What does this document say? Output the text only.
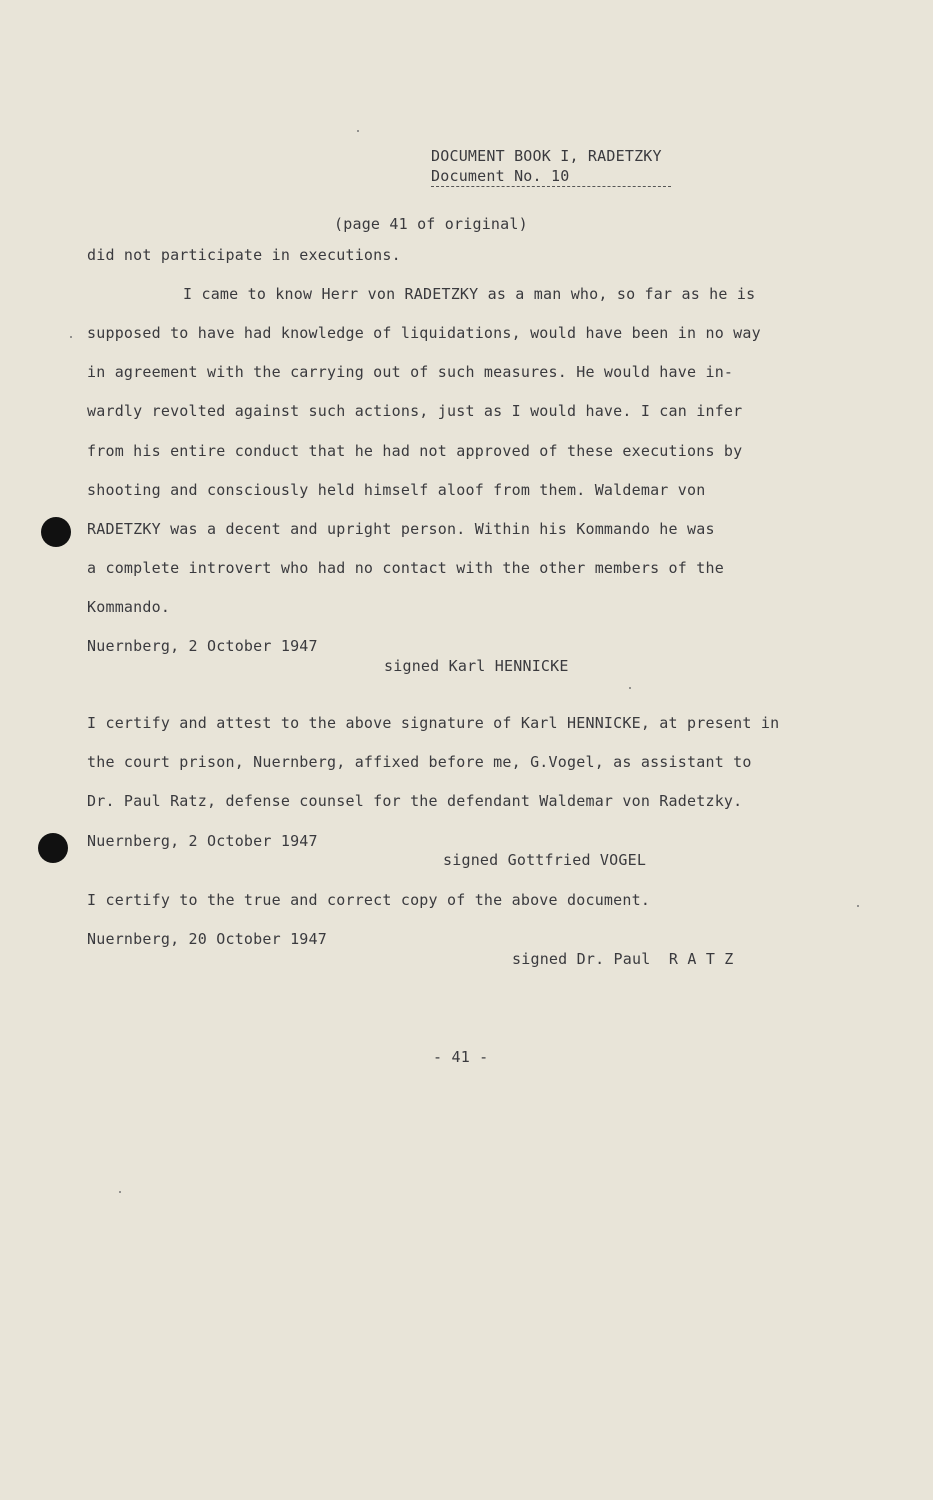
DOCUMENT BOOK I, RADETZKY
Document No. 10
(page 41 of original)
did not participate in executions.
I came to know Herr von RADETZKY as a man who, so far as he is
supposed to have had knowledge of liquidations, would have been in no way
in agreement with the carrying out of such measures. He would have in-
wardly revolted against such actions, just as I would have. I can infer
from his entire conduct that he had not approved of these executions by
shooting and consciously held himself aloof from them. Waldemar von
RADETZKY was a decent and upright person. Within his Kommando he was
a complete introvert who had no contact with the other members of the
Kommando.
Nuernberg, 2 October 1947
signed Karl HENNICKE
I certify and attest to the above signature of Karl HENNICKE, at present in
the court prison, Nuernberg, affixed before me, G.Vogel, as assistant to
Dr. Paul Ratz, defense counsel for the defendant Waldemar von Radetzky.
Nuernberg, 2 October 1947
signed Gottfried VOGEL
I certify to the true and correct copy of the above document.
Nuernberg, 20 October 1947
signed Dr. Paul  R A T Z
- 41 -
